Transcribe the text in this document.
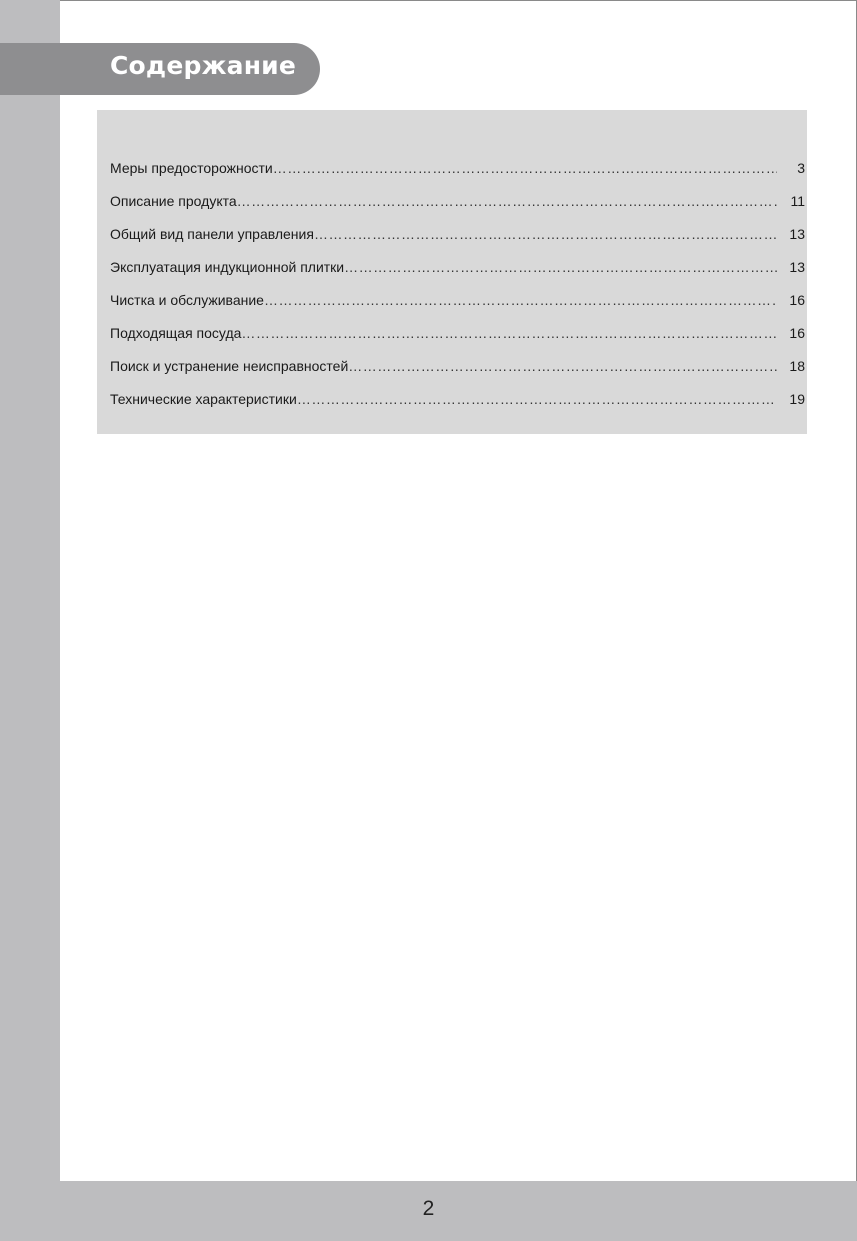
Содержание
Меры предосторожности ……………………………………………………………………………………………………………………………………………………………………………………………………………	3
Описание продукта ……………………………………………………………………………………………………………………………………………………………………………………………………………	11
Общий вид панели управления ……………………………………………………………………………………………………………………………………………………………………………………………………………	13
Эксплуатация индукционной плитки ……………………………………………………………………………………………………………………………………………………………………………………………………………	13
Чистка и обслуживание ……………………………………………………………………………………………………………………………………………………………………………………………………………	16
Подходящая посуда ……………………………………………………………………………………………………………………………………………………………………………………………………………	16
Поиск и устранение неисправностей ……………………………………………………………………………………………………………………………………………………………………………………………………………	18
Технические характеристики ……………………………………………………………………………………………………………………………………………………………………………………………………………	19
2
